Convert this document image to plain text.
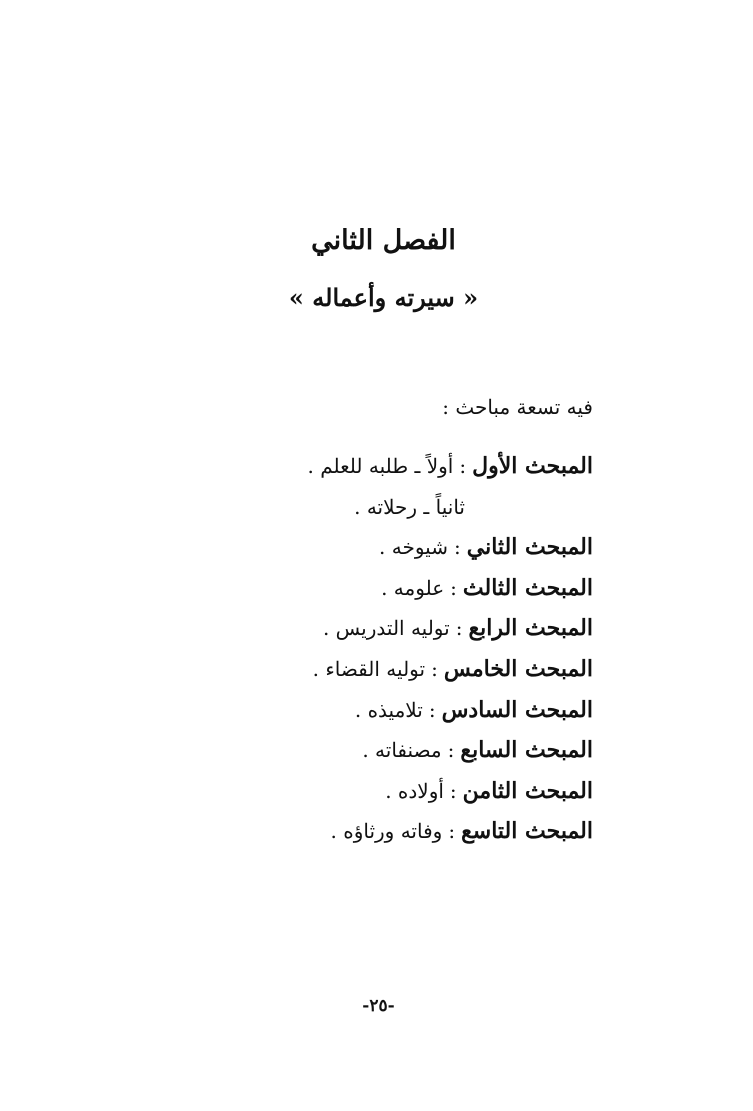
الفصل الثاني
« سيرته وأعماله »
فيه تسعة مباحث :
المبحث الأول:أولاً ـ طلبه للعلم .
ثانياً ـ رحلاته .
المبحث الثاني:شيوخه .
المبحث الثالث:علومه .
المبحث الرابع:توليه التدريس .
المبحث الخامس:توليه القضاء .
المبحث السادس:تلاميذه .
المبحث السابع:مصنفاته .
المبحث الثامن:أولاده .
المبحث التاسع:وفاته ورثاؤه .
-٢٥-
